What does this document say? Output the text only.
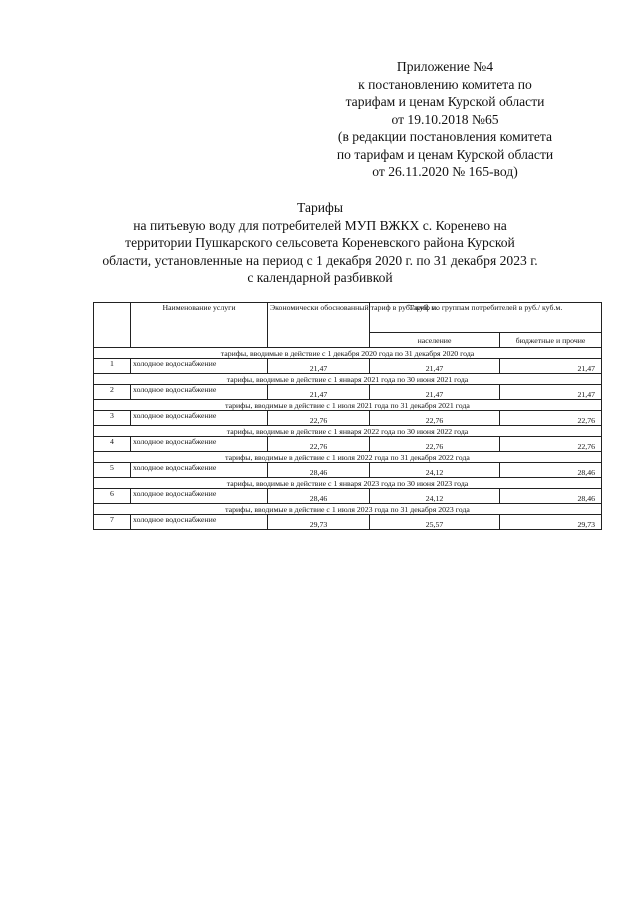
Приложение №4
к постановлению комитета по
тарифам и ценам Курской области
от 19.10.2018 №65
(в редакции постановления комитета
по тарифам и ценам Курской области
от 26.11.2020 № 165-вод)
Тарифы
на питьевую воду для потребителей МУП ВЖКХ с. Коренево на
территории Пушкарского сельсовета Кореневского района Курской
области, установленные на период с 1 декабря 2020 г. по 31 декабря 2023 г.
с календарной разбивкой
	Наименование услуги	Экономически обоснованный тариф в руб./ куб. м.	Тариф по группам потребителей в руб./ куб.м.	
			население	бюджетные и прочие
тарифы, вводимые в действие с 1 декабря 2020 года по 31 декабря 2020 года				
1	холодное водоснабжение	21,47	21,47	21,47
тарифы, вводимые в действие с 1 января 2021 года по 30 июня 2021 года				
2	холодное водоснабжение	21,47	21,47	21,47
тарифы, вводимые в действие с 1 июля 2021 года по 31 декабря 2021 года				
3	холодное водоснабжение	22,76	22,76	22,76
тарифы, вводимые в действие с 1 января 2022 года по 30 июня 2022 года				
4	холодное водоснабжение	22,76	22,76	22,76
тарифы, вводимые в действие с 1 июля 2022 года по 31 декабря 2022 года				
5	холодное водоснабжение	28,46	24,12	28,46
тарифы, вводимые в действие с 1 января 2023 года по 30 июня 2023 года				
6	холодное водоснабжение	28,46	24,12	28,46
тарифы, вводимые в действие с 1 июля 2023 года по 31 декабря 2023 года				
7	холодное водоснабжение	29,73	25,57	29,73
